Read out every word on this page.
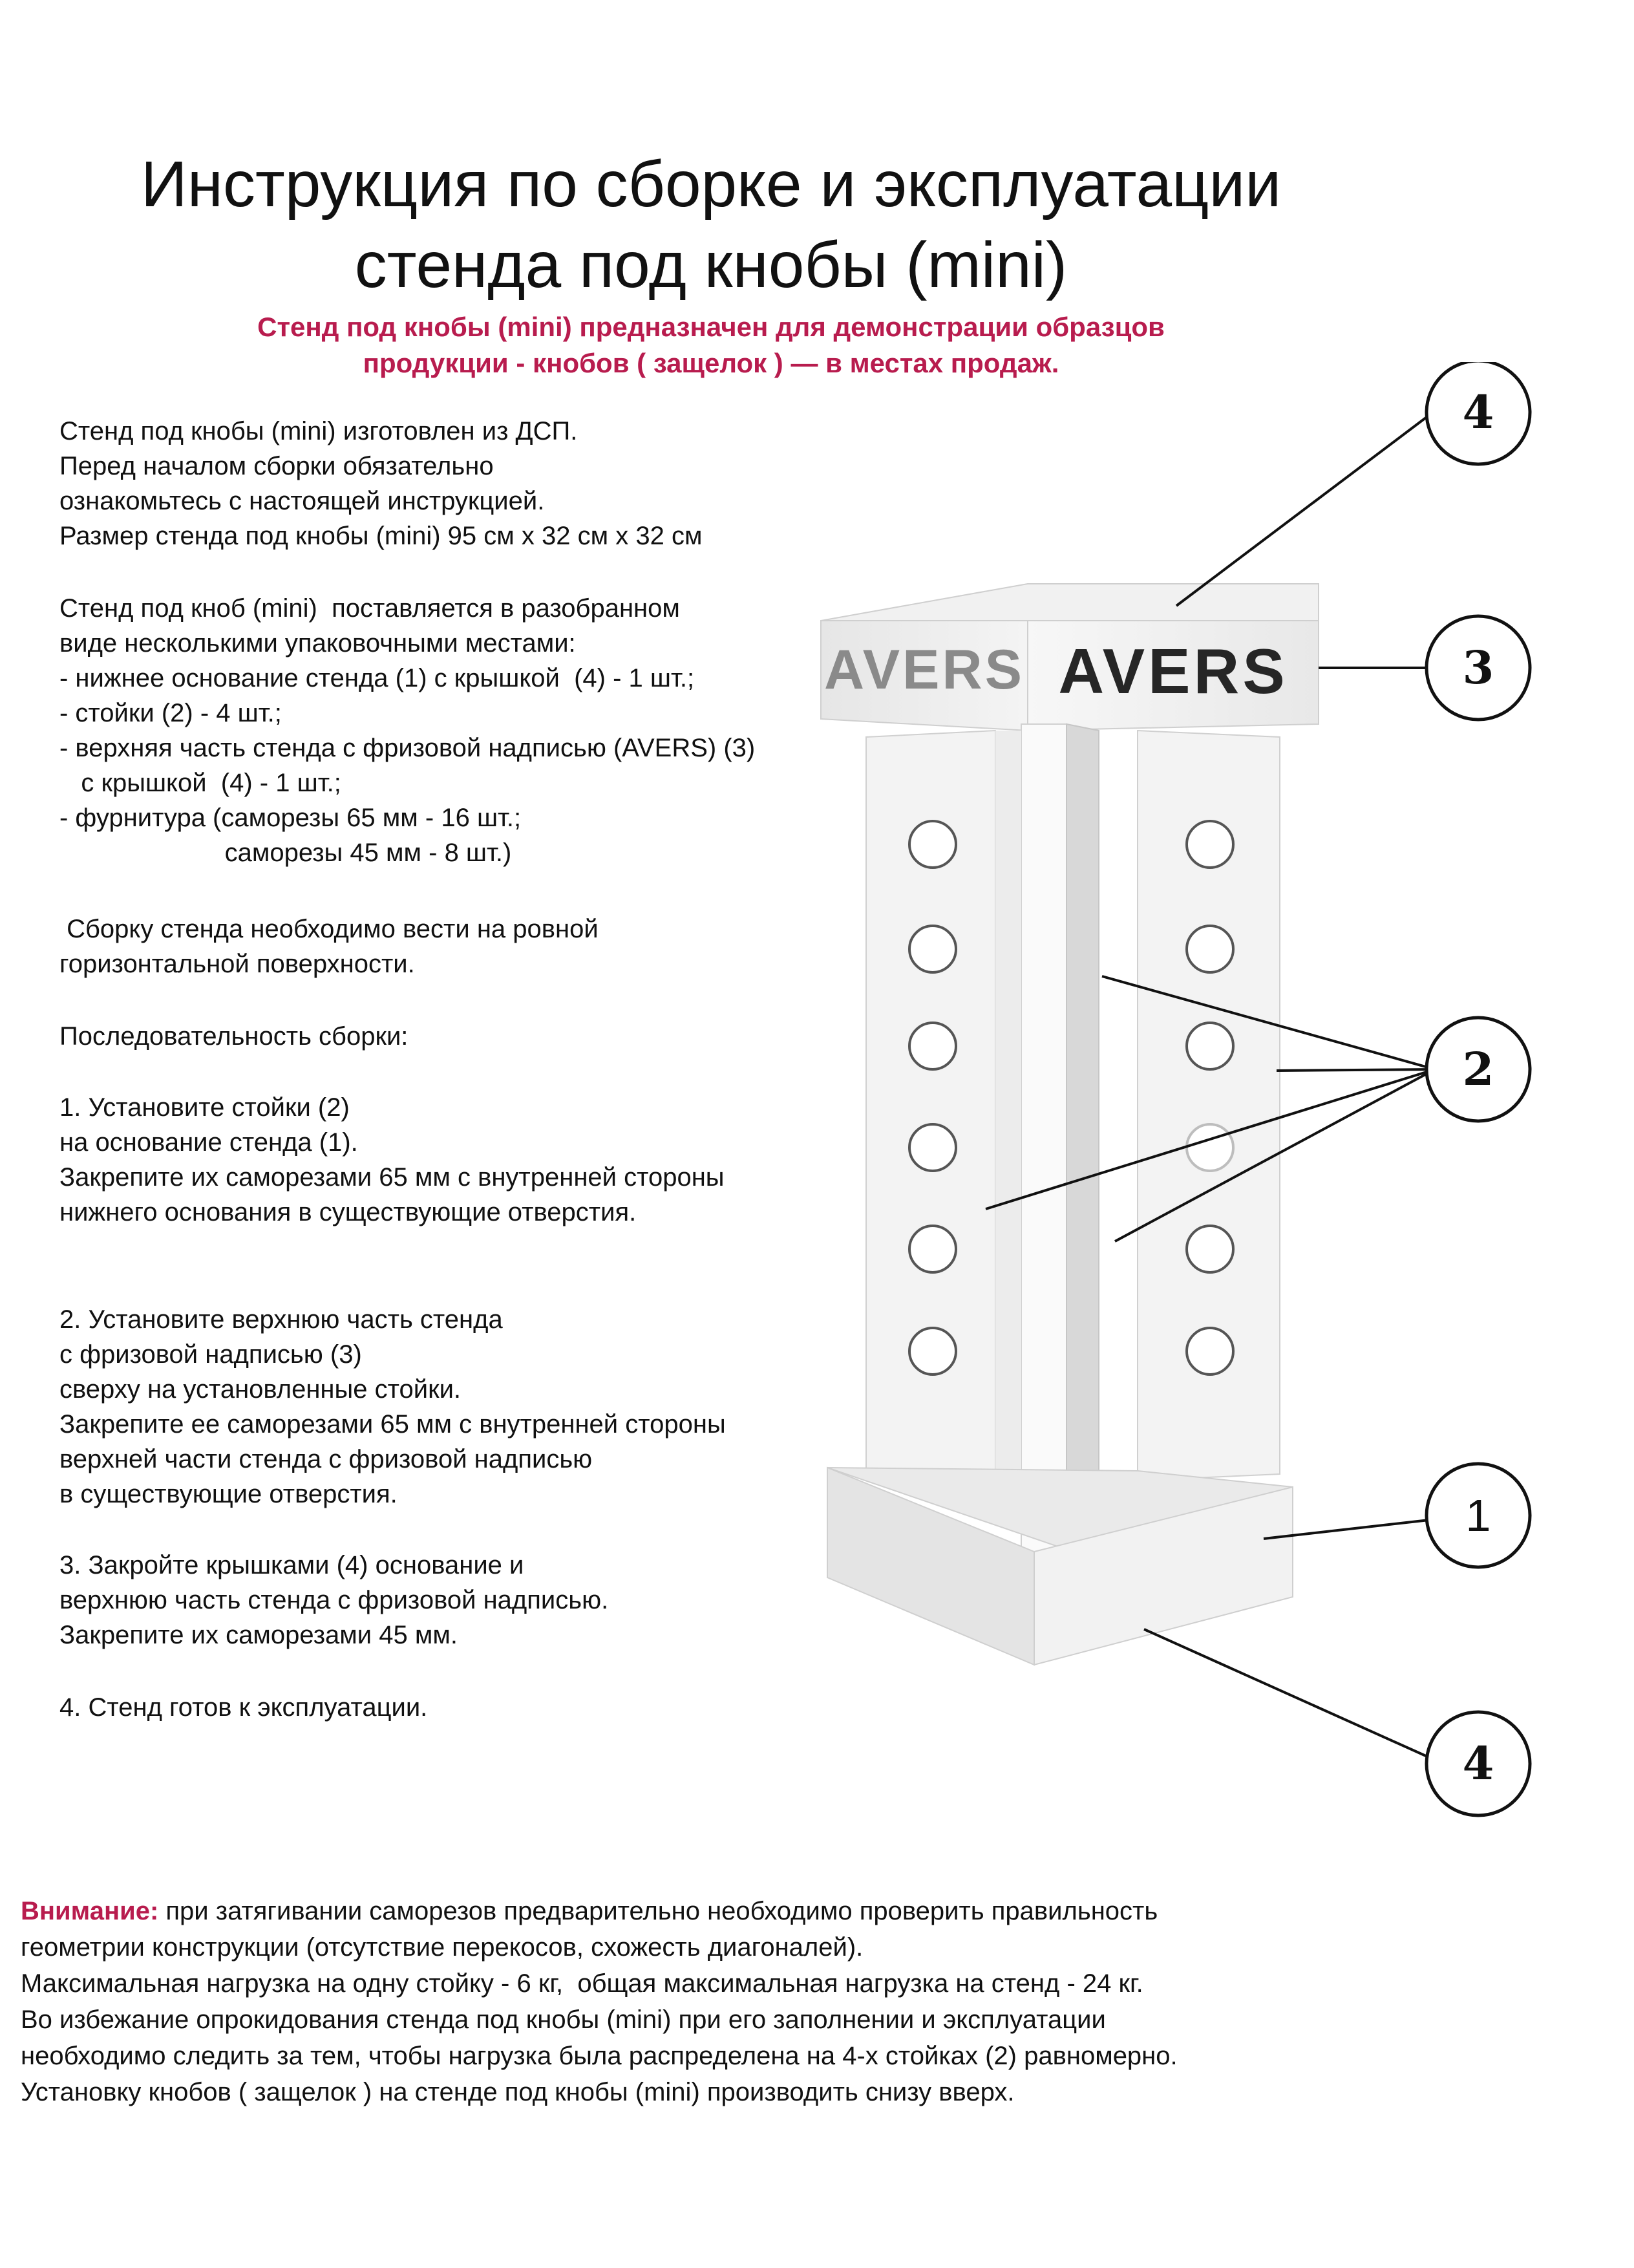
Инструкция по сборке и эксплуатации
стенда под кнобы (mini)
Стенд под кнобы (mini) предназначен для демонстрации образцов
продукции - кнобов ( защелок ) — в местах продаж.
Стенд под кнобы (mini) изготовлен из ДСП.
Перед началом сборки обязательно
ознакомьтесь с настоящей инструкцией.
Размер стенда под кнобы (mini) 95 см х 32 см х 32 см
Стенд под кноб (mini)  поставляется в разобранном
виде несколькими упаковочными местами:
- нижнее основание стенда (1) с крышкой  (4) - 1 шт.;
- стойки (2) - 4 шт.;
- верхняя часть стенда с фризовой надписью (AVERS) (3)
с крышкой  (4) - 1 шт.;
- фурнитура (саморезы 65 мм - 16 шт.;
саморезы 45 мм - 8 шт.)
Сборку стенда необходимо вести на ровной
горизонтальной поверхности.
Последовательность сборки:
1. Установите стойки (2)
на основание стенда (1).
Закрепите их саморезами 65 мм с внутренней стороны
нижнего основания в существующие отверстия.
2. Установите верхнюю часть стенда
с фризовой надписью (3)
сверху на установленные стойки.
Закрепите ее саморезами 65 мм с внутренней стороны
верхней части стенда с фризовой надписью
в существующие отверстия.
3. Закройте крышками (4) основание и
верхнюю часть стенда с фризовой надписью.
Закрепите их саморезами 45 мм.
4. Стенд готов к эксплуатации.
AVERS AVERS
4
3
2
1
4
Внимание: при затягивании саморезов предварительно необходимо проверить правильность
геометрии конструкции (отсутствие перекосов, схожесть диагоналей).
Максимальная нагрузка на одну стойку - 6 кг,  общая максимальная нагрузка на стенд - 24 кг.
Во избежание опрокидования стенда под кнобы (mini) при его заполнении и эксплуатации
необходимо следить за тем, чтобы нагрузка была распределена на 4-х стойках (2) равномерно.
Установку кнобов ( защелок ) на стенде под кнобы (mini) производить снизу вверх.
